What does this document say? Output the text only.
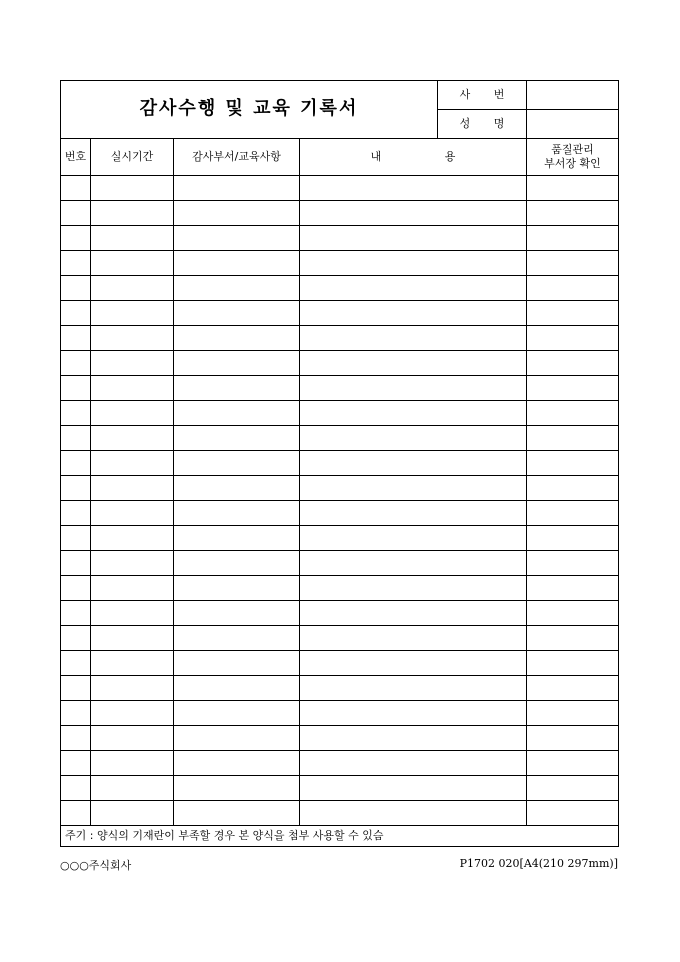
감사수행 및 교육 기록서				사 번	
				성 명	
번호	실시기간	감사부서/교육사항	내 용		품질관리
부서장 확인

주기 : 양식의 기재란이 부족할 경우 본 양식을 첨부 사용할 수 있슴					
○○○주식회사	P1702 020[A4(210 297mm)]
